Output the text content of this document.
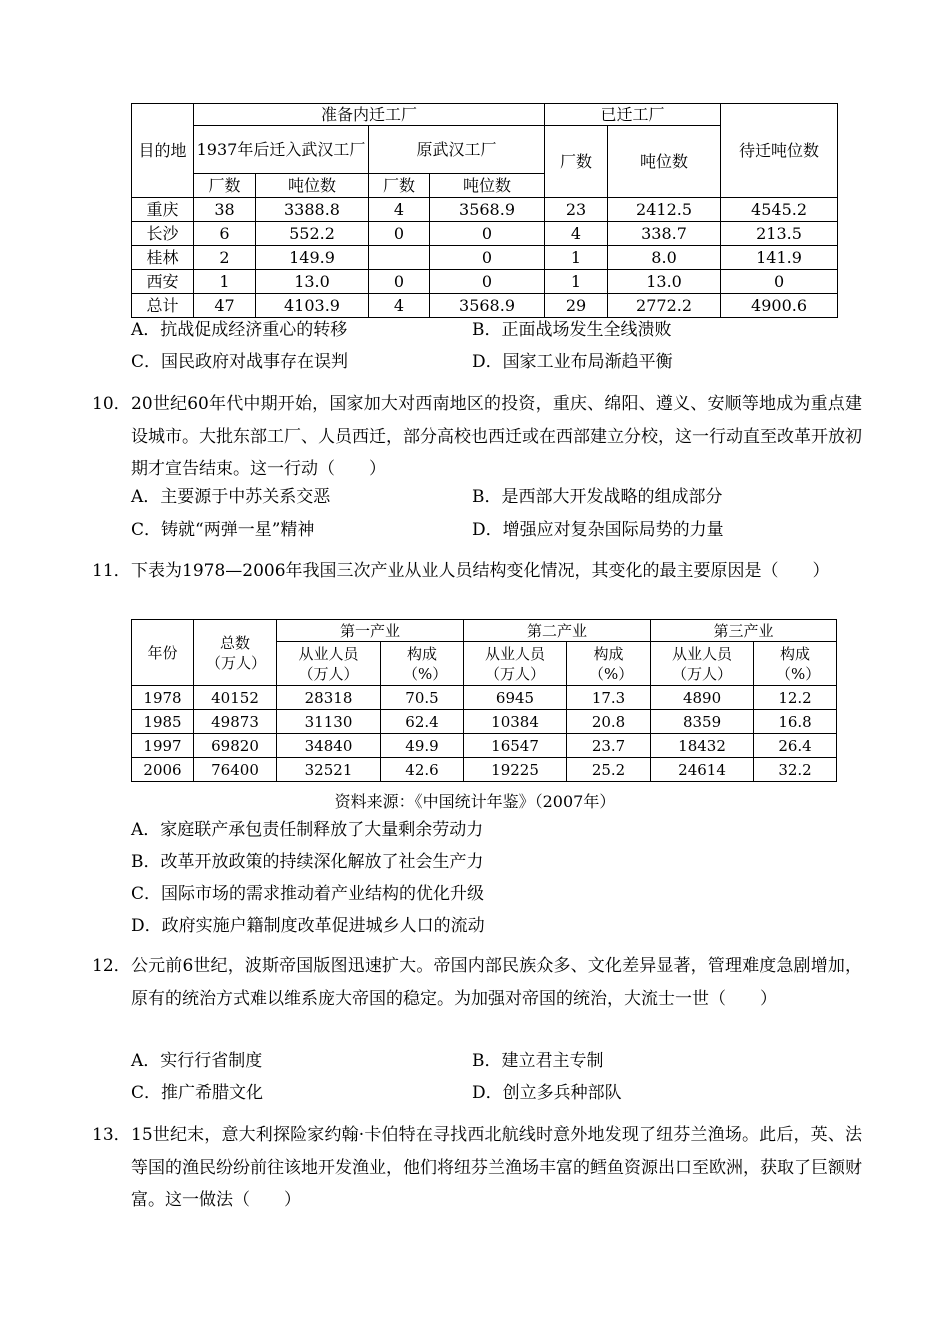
目的地	准备内迁工厂				已迁工厂		待迁吨位数
	1937年后迁入武汉工厂		原武汉工厂		厂数	吨位数	
	厂数	吨位数	厂数	吨位数			
重庆	38	3388.8	4	3568.9	23	2412.5	4545.2
长沙	6	552.2	0	0	4	338.7	213.5
桂林	2	149.9		0	1	8.0	141.9
西安	1	13.0	0	0	1	13.0	0
总计	47	4103.9	4	3568.9	29	2772.2	4900.6
A．抗战促成经济重心的转移	B．正面战场发生全线溃败
C．国民政府对战事存在误判	D．国家工业布局渐趋平衡
10． 20世纪60年代中期开始，国家加大对西南地区的投资，重庆、绵阳、遵义、安顺等地成为重点建设城市。大批东部工厂、人员西迁，部分高校也西迁或在西部建立分校，这一行动直至改革开放初期才宣告结束。这一行动（　　）
A．主要源于中苏关系交恶	B．是西部大开发战略的组成部分
C．铸就“两弹一星”精神	D．增强应对复杂国际局势的力量
11． 下表为1978—2006年我国三次产业从业人员结构变化情况，其变化的最主要原因是（　　）
年份	总数（万人）	第一产业		第二产业		第三产业	
		从业人员（万人）	构成（%）	从业人员（万人）	构成（%）	从业人员（万人）	构成（%）

1978	40152	28318	70.5	6945	17.3	4890	12.2
1985	49873	31130	62.4	10384	20.8	8359	16.8
1997	69820	34840	49.9	16547	23.7	18432	26.4
2006	76400	32521	42.6	19225	25.2	24614	32.2
资料来源：《中国统计年鉴》（2007年）
A．家庭联产承包责任制释放了大量剩余劳动力
B．改革开放政策的持续深化解放了社会生产力
C．国际市场的需求推动着产业结构的优化升级
D．政府实施户籍制度改革促进城乡人口的流动
12． 公元前6世纪，波斯帝国版图迅速扩大。帝国内部民族众多、文化差异显著，管理难度急剧增加，原有的统治方式难以维系庞大帝国的稳定。为加强对帝国的统治，大流士一世（　　）
A．实行行省制度	B．建立君主专制
C．推广希腊文化	D．创立多兵种部队
13． 15世纪末，意大利探险家约翰·卡伯特在寻找西北航线时意外地发现了纽芬兰渔场。此后，英、法等国的渔民纷纷前往该地开发渔业，他们将纽芬兰渔场丰富的鳕鱼资源出口至欧洲，获取了巨额财富。这一做法（　　）
